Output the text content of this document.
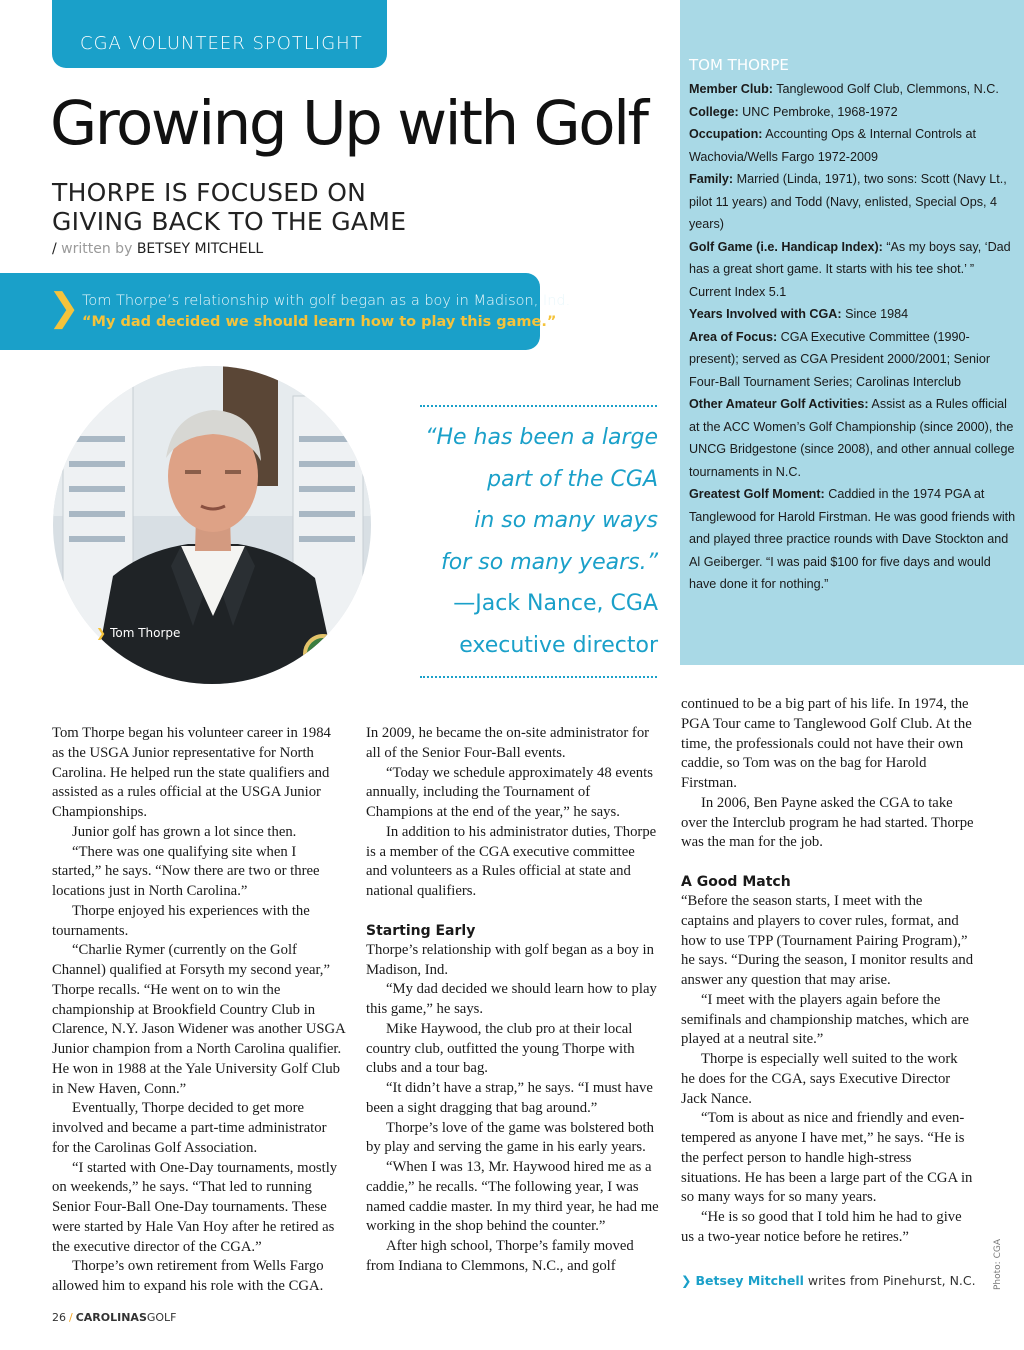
CGA VOLUNTEER SPOTLIGHT
Growing Up with Golf
THORPE IS FOCUSED ON
GIVING BACK TO THE GAME
/ written by BETSEY MITCHELL
❯ Tom Thorpe’s relationship with golf began as a boy in Madison, Ind.
“My dad decided we should learn how to play this game.”
TOM THORPE
Member Club: Tanglewood Golf Club, Clemmons, N.C.
College: UNC Pembroke, 1968-1972
Occupation: Accounting Ops & Internal Controls at Wachovia/Wells Fargo 1972-2009
Family: Married (Linda, 1971), two sons: Scott (Navy Lt., pilot 11 years) and Todd (Navy, enlisted, Special Ops, 4 years)
Golf Game (i.e. Handicap Index): “As my boys say, ‘Dad has a great short game. It starts with his tee shot.’ ” Current Index 5.1
Years Involved with CGA: Since 1984
Area of Focus: CGA Executive Committee (1990-present); served as CGA President 2000/2001; Senior Four-Ball Tournament Series; Carolinas Interclub
Other Amateur Golf Activities: Assist as a Rules official at the ACC Women’s Golf Championship (since 2000), the UNCG Bridgestone (since 2008), and other annual college tournaments in N.C.
Greatest Golf Moment: Caddied in the 1974 PGA at Tanglewood for Harold Firstman. He was good friends with and played three practice rounds with Dave Stockton and Al Geiberger. “I was paid $100 for five days and would have done it for nothing.”
❯ Tom Thorpe
“He has been a large
part of the CGA
in so many ways
for so many years.”
—Jack Nance, CGA
executive director

Tom Thorpe began his volunteer career in 1984 as the USGA Junior representative for North Carolina. He helped run the state qualifiers and assisted as a rules official at the USGA Junior Championships.

Junior golf has grown a lot since then.

“There was one qualifying site when I started,” he says. “Now there are two or three locations just in North Carolina.”

Thorpe enjoyed his experiences with the tournaments.

“Charlie Rymer (currently on the Golf Channel) qualified at Forsyth my second year,” Thorpe recalls. “He went on to win the championship at Brookfield Country Club in Clarence, N.Y. Jason Widener was another USGA Junior champion from a North Carolina qualifier. He won in 1988 at the Yale University Golf Club in New Haven, Conn.”

Eventually, Thorpe decided to get more involved and became a part-time administrator for the Carolinas Golf Association.

“I started with One-Day tournaments, mostly on weekends,” he says. “That led to running Senior Four-Ball One-Day tournaments. These were started by Hale Van Hoy after he retired as the executive director of the CGA.”

Thorpe’s own retirement from Wells Fargo allowed him to expand his role with the CGA.

In 2009, he became the on-site administrator for all of the Senior Four-Ball events.

“Today we schedule approximately 48 events annually, including the Tournament of Champions at the end of the year,” he says.

In addition to his administrator duties, Thorpe is a member of the CGA executive committee and volunteers as a Rules official at state and national qualifiers.

Starting Early

Thorpe’s relationship with golf began as a boy in Madison, Ind.

“My dad decided we should learn how to play this game,” he says.

Mike Haywood, the club pro at their local country club, outfitted the young Thorpe with clubs and a tour bag.

“It didn’t have a strap,” he says. “I must have been a sight dragging that bag around.”

Thorpe’s love of the game was bolstered both by play and serving the game in his early years.

“When I was 13, Mr. Haywood hired me as a caddie,” he recalls. “The following year, I was named caddie master. In my third year, he had me working in the shop behind the counter.”

After high school, Thorpe’s family moved from Indiana to Clemmons, N.C., and golf

continued to be a big part of his life. In 1974, the PGA Tour came to Tanglewood Golf Club. At the time, the professionals could not have their own caddie, so Tom was on the bag for Harold Firstman.

In 2006, Ben Payne asked the CGA to take over the Interclub program he had started. Thorpe was the man for the job.

A Good Match

“Before the season starts, I meet with the captains and players to cover rules, format, and how to use TPP (Tournament Pairing Program),” he says. “During the season, I monitor results and answer any question that may arise.

“I meet with the players again before the semifinals and championship matches, which are played at a neutral site.”

Thorpe is especially well suited to the work he does for the CGA, says Executive Director Jack Nance.

“Tom is about as nice and friendly and even-tempered as anyone I have met,” he says. “He is the perfect person to handle high-stress situations. He has been a large part of the CGA in so many ways for so many years.

“He is so good that I told him he had to give us a two-year notice before he retires.”

❯ Betsey Mitchell writes from Pinehurst, N.C. Photo: CGA
26 / CAROLINASGOLF
